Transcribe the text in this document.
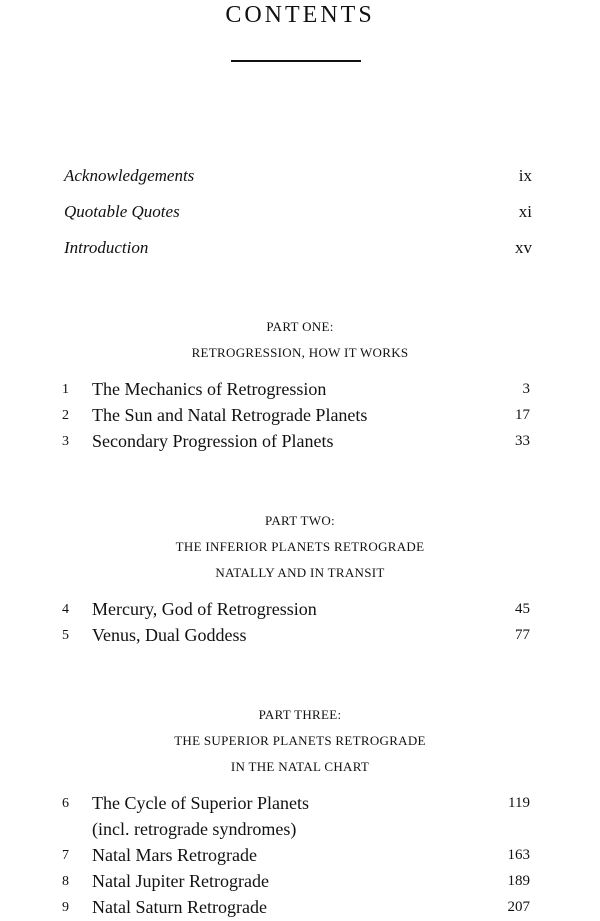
CONTENTS
Acknowledgements	ix
Quotable Quotes	xi
Introduction	xv
PART ONE:
RETROGRESSION, HOW IT WORKS
1	The Mechanics of Retrogression	3
2	The Sun and Natal Retrograde Planets	17
3	Secondary Progression of Planets	33
PART TWO:
THE INFERIOR PLANETS RETROGRADE
NATALLY AND IN TRANSIT
4	Mercury, God of Retrogression	45
5	Venus, Dual Goddess	77
PART THREE:
THE SUPERIOR PLANETS RETROGRADE
IN THE NATAL CHART
6	The Cycle of Superior Planets	119
(incl. retrograde syndromes)
7	Natal Mars Retrograde	163
8	Natal Jupiter Retrograde	189
9	Natal Saturn Retrograde	207
